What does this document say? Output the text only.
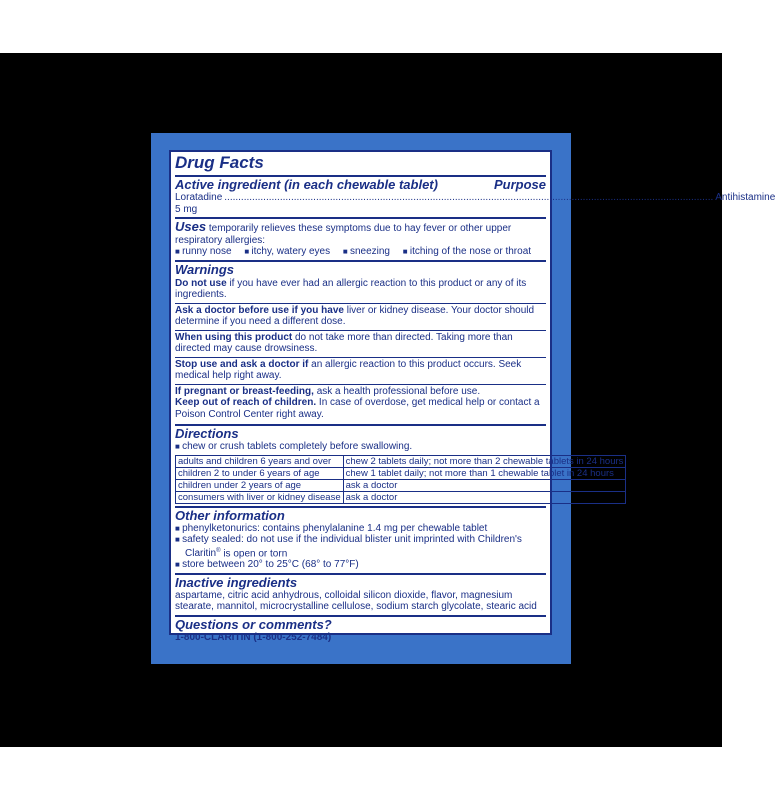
Drug Facts
Active ingredient (in each chewable tablet)	Purpose
Loratadine 5 mg
.....
Antihistamine
Uses temporarily relieves these symptoms due to hay fever or other upper respiratory allergies:
■ runny nose ■ itchy, watery eyes ■ sneezing ■ itching of the nose or throat
Warnings
Do not use if you have ever had an allergic reaction to this product or any of its ingredients.
Ask a doctor before use if you have liver or kidney disease. Your doctor should determine if you need a different dose.
When using this product do not take more than directed. Taking more than directed may cause drowsiness.
Stop use and ask a doctor if an allergic reaction to this product occurs. Seek medical help right away.
If pregnant or breast-feeding, ask a health professional before use.
Keep out of reach of children. In case of overdose, get medical help or contact a Poison Control Center right away.
Directions
■ chew or crush tablets completely before swallowing.
adults and children 6 years and over	chew 2 tablets daily; not more than 2 chewable tablets in 24 hours
children 2 to under 6 years of age	chew 1 tablet daily; not more than 1 chewable tablet in 24 hours
children under 2 years of age	ask a doctor
consumers with liver or kidney disease	ask a doctor
Other information
■ phenylketonurics: contains phenylalanine 1.4 mg per chewable tablet
■ safety sealed: do not use if the individual blister unit imprinted with Children's Claritin® is open or torn
■ store between 20° to 25°C (68° to 77°F)
Inactive ingredients
aspartame, citric acid anhydrous, colloidal silicon dioxide, flavor, magnesium stearate, mannitol, microcrystalline cellulose, sodium starch glycolate, stearic acid
Questions or comments?
1-800-CLARITIN (1-800-252-7484)
